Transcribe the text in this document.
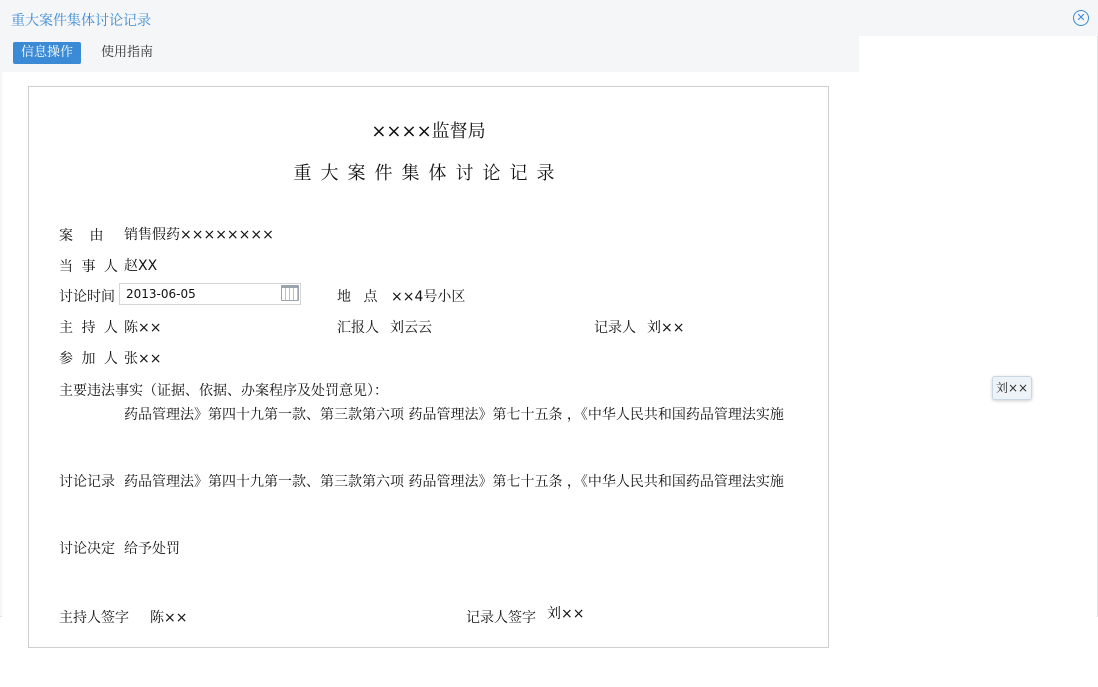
重大案件集体讨论记录	✕
信息操作	使用指南
××××监督局
重大案件集体讨论记录
案 由 销售假药××××××××
当 事 人 赵XX
讨论时间 2013-06-05	地 点 ××4号小区
主 持 人 陈××	汇报人 刘云云	记录人 刘××
参 加 人 张××
主要违法事实（证据、依据、办案程序及处罚意见）：
药品管理法》第四十九第一款、第三款第六项 药品管理法》第七十五条 ，《中华人民共和国药品管理法实施
讨论记录 药品管理法》第四十九第一款、第三款第六项 药品管理法》第七十五条 ，《中华人民共和国药品管理法实施
讨论决定 给予处罚
主持人签字 陈××	记录人签字 刘××
刘××
